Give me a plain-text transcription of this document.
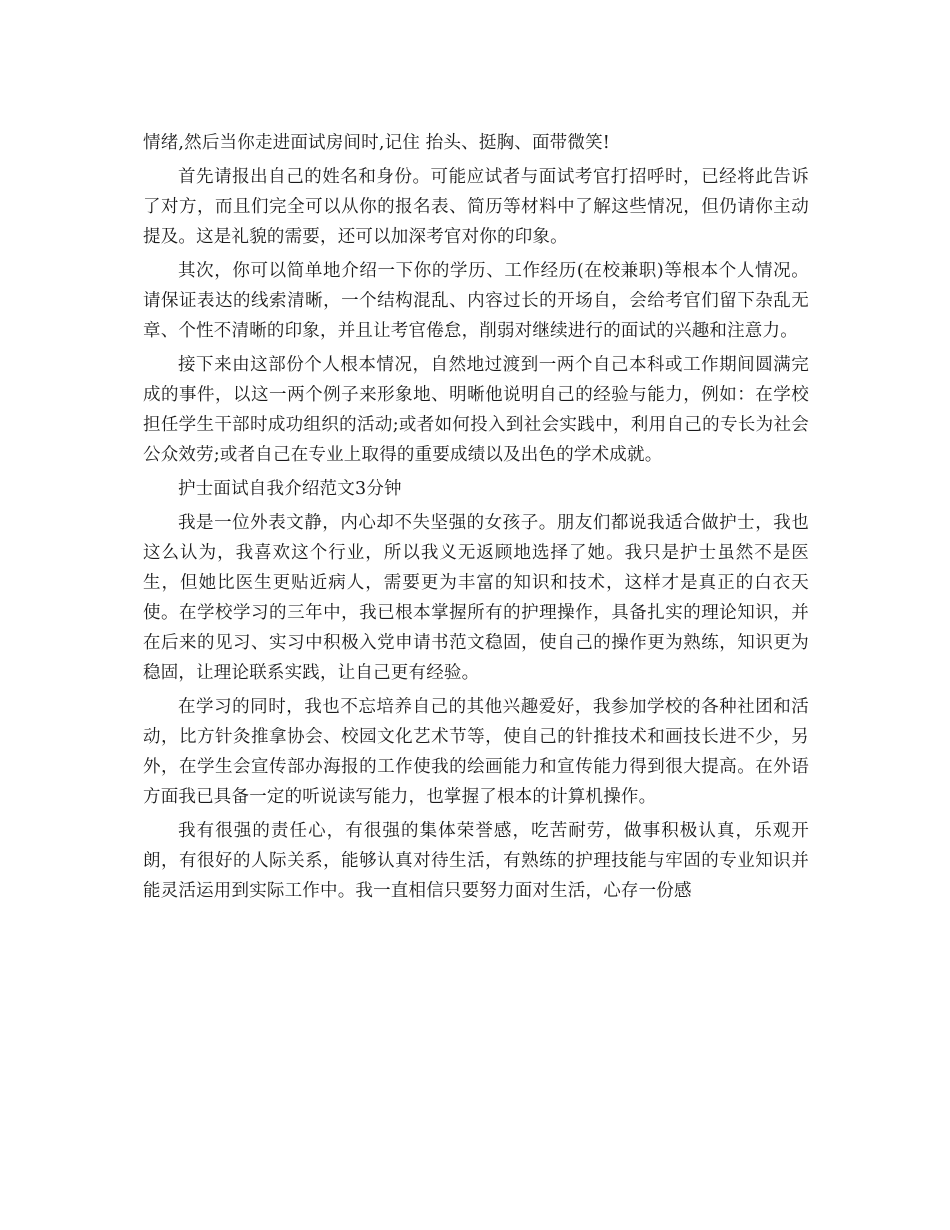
情绪,然后当你走进面试房间时,记住 抬头、挺胸、面带微笑!

首先请报出自己的姓名和身份。可能应试者与面试考官打招呼时，已经将此告诉了对方，而且们完全可以从你的报名表、简历等材料中了解这些情况，但仍请你主动提及。这是礼貌的需要，还可以加深考官对你的印象。

其次，你可以简单地介绍一下你的学历、工作经历(在校兼职)等根本个人情况。请保证表达的线索清晰，一个结构混乱、内容过长的开场自，会给考官们留下杂乱无章、个性不清晰的印象，并且让考官倦怠，削弱对继续进行的面试的兴趣和注意力。

接下来由这部份个人根本情况，自然地过渡到一两个自己本科或工作期间圆满完成的事件，以这一两个例子来形象地、明晰他说明自己的经验与能力，例如：在学校担任学生干部时成功组织的活动;或者如何投入到社会实践中，利用自己的专长为社会公众效劳;或者自己在专业上取得的重要成绩以及出色的学术成就。

护士面试自我介绍范文3分钟

我是一位外表文静，内心却不失坚强的女孩子。朋友们都说我适合做护士，我也这么认为，我喜欢这个行业，所以我义无返顾地选择了她。我只是护士虽然不是医生，但她比医生更贴近病人，需要更为丰富的知识和技术，这样才是真正的白衣天使。在学校学习的三年中，我已根本掌握所有的护理操作，具备扎实的理论知识，并在后来的见习、实习中积极入党申请书范文稳固，使自己的操作更为熟练，知识更为稳固，让理论联系实践，让自己更有经验。

在学习的同时，我也不忘培养自己的其他兴趣爱好，我参加学校的各种社团和活动，比方针灸推拿协会、校园文化艺术节等，使自己的针推技术和画技长进不少，另外，在学生会宣传部办海报的工作使我的绘画能力和宣传能力得到很大提高。在外语方面我已具备一定的听说读写能力，也掌握了根本的计算机操作。

我有很强的责任心，有很强的集体荣誉感，吃苦耐劳，做事积极认真，乐观开朗，有很好的人际关系，能够认真对待生活，有熟练的护理技能与牢固的专业知识并能灵活运用到实际工作中。我一直相信只要努力面对生活，心存一份感
